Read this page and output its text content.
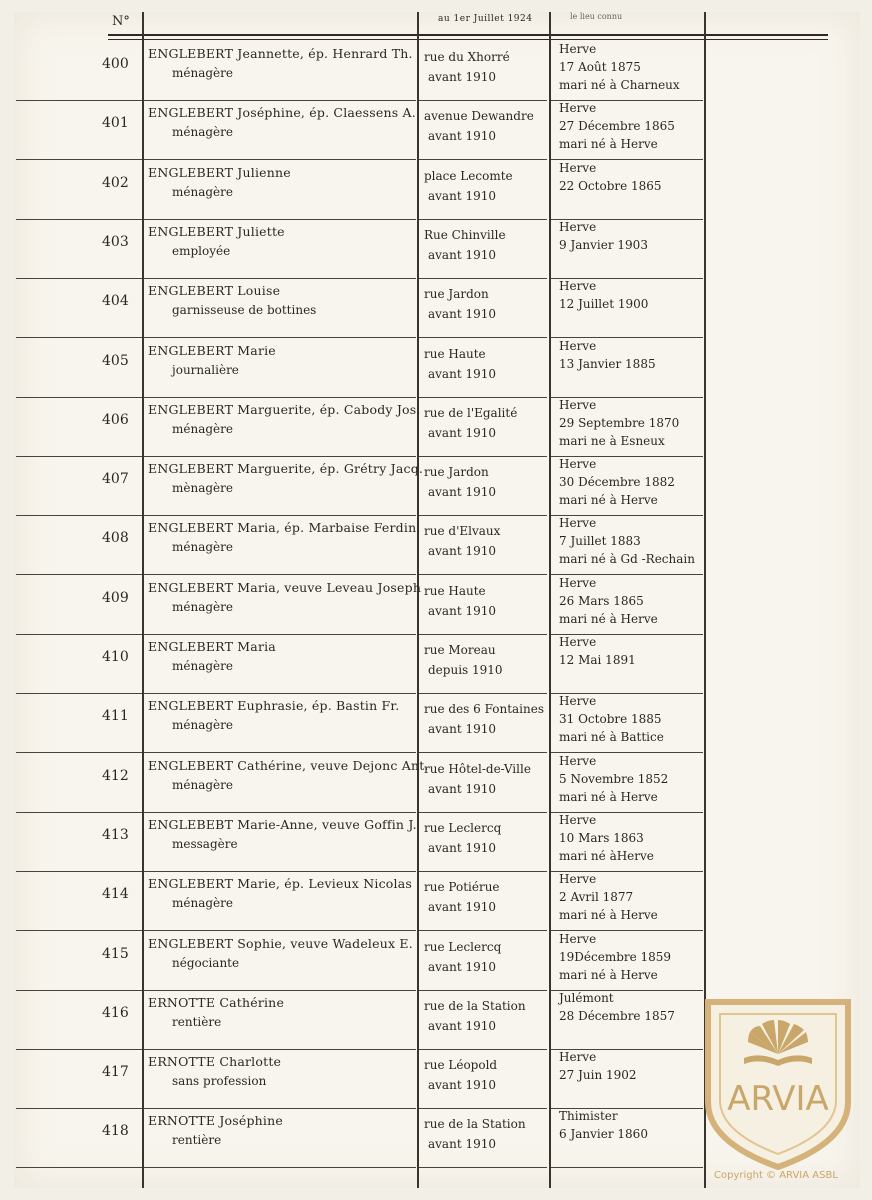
N°	au 1er Juillet 1924	le lieu connu
400
ENGLEBERT Jeannette, ép. Henrard Th.
ménagère
rue du Xhorré
avant 1910
Herve
17 Août 1875
mari né à Charneux
401
ENGLEBERT Joséphine, ép. Claessens A.
ménagère
avenue Dewandre
avant 1910
Herve
27 Décembre 1865
mari né à Herve
402
ENGLEBERT Julienne
ménagère
place Lecomte
avant 1910
Herve
22 Octobre 1865
403
ENGLEBERT Juliette
employée
Rue Chinville
avant 1910
Herve
9 Janvier 1903
404
ENGLEBERT Louise
garnisseuse de bottines
rue Jardon
avant 1910
Herve
12 Juillet 1900
405
ENGLEBERT Marie
journalière
rue Haute
avant 1910
Herve
13 Janvier 1885
406
ENGLEBERT Marguerite, ép. Cabody Jos.
ménagère
rue de l'Egalité
avant 1910
Herve
29 Septembre 1870
mari ne à Esneux
407
ENGLEBERT Marguerite, ép. Grétry Jacq.
mènagère
rue Jardon
avant 1910
Herve
30 Décembre 1882
mari né à Herve
408
ENGLEBERT Maria, ép. Marbaise Ferdin.
ménagère
rue d'Elvaux
avant 1910
Herve
7 Juillet 1883
mari né à Gd -Rechain
409
ENGLEBERT Maria, veuve Leveau Joseph
ménagère
rue Haute
avant 1910
Herve
26 Mars 1865
mari né à Herve
410
ENGLEBERT Maria
ménagère
rue Moreau
depuis 1910
Herve
12 Mai 1891
411
ENGLEBERT Euphrasie, ép. Bastin Fr.
ménagère
rue des 6 Fontaines
avant 1910
Herve
31 Octobre 1885
mari né à Battice
412
ENGLEBERT Cathérine, veuve Dejonc Ant.
ménagère
rue Hôtel-de-Ville
avant 1910
Herve
5 Novembre 1852
mari né à Herve
413
ENGLEBEBT Marie-Anne, veuve Goffin J.
messagère
rue Leclercq
avant 1910
Herve
10 Mars 1863
mari né àHerve
414
ENGLEBERT Marie, ép. Levieux Nicolas
ménagère
rue Potiérue
avant 1910
Herve
2 Avril 1877
mari né à Herve
415
ENGLEBERT Sophie, veuve Wadeleux E.
négociante
rue Leclercq
avant 1910
Herve
19Décembre 1859
mari né à Herve
416
ERNOTTE Cathérine
rentière
rue de la Station
avant 1910
Julémont
28 Décembre 1857
417
ERNOTTE Charlotte
sans profession
rue Léopold
avant 1910
Herve
27 Juin 1902
418
ERNOTTE Joséphine
rentière
rue de la Station
avant 1910
Thimister
6 Janvier 1860
ARVIA
Copyright © ARVIA ASBL
